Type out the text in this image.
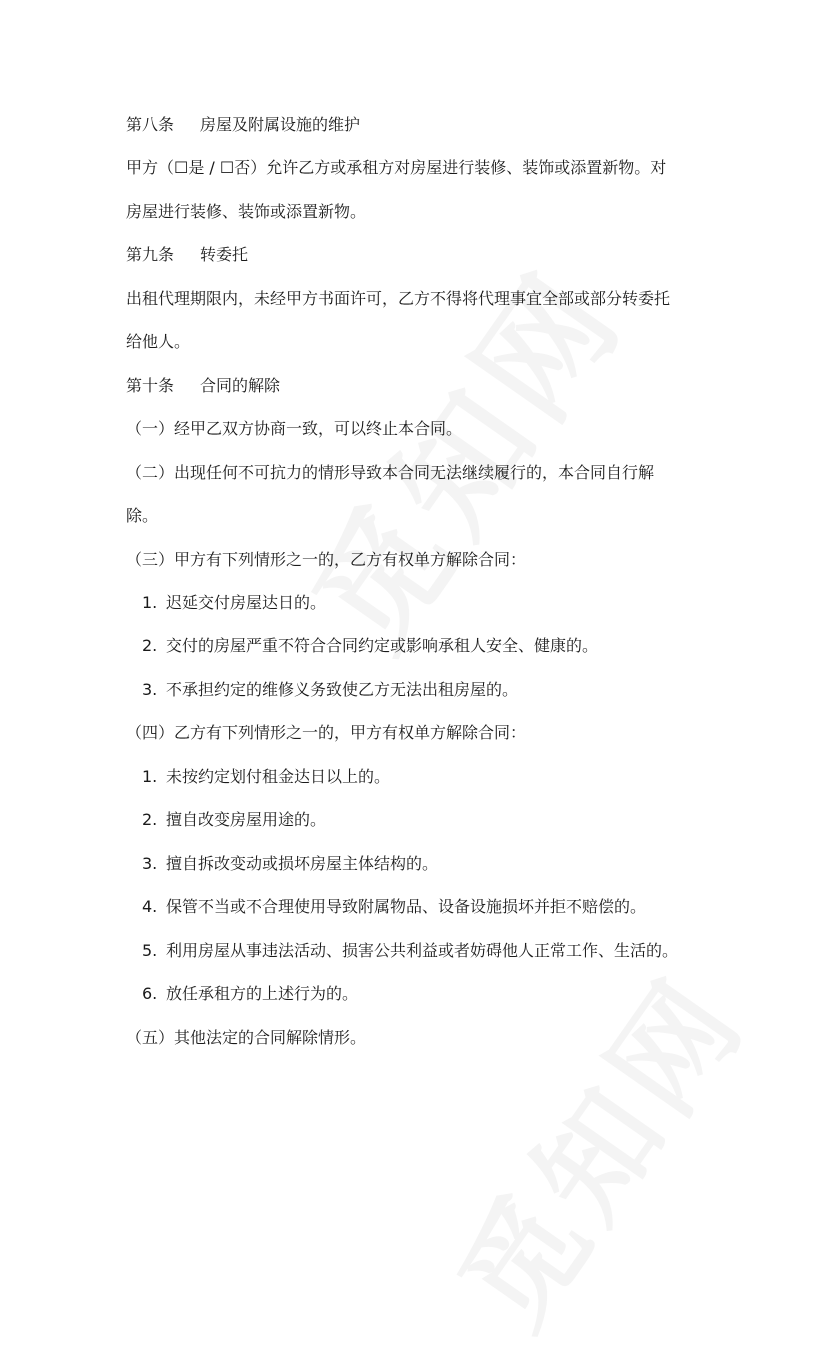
第八条 房屋及附属设施的维护
甲方（☐是 / ☐否）允许乙方或承租方对房屋进行装修、装饰或添置新物。对
房屋进行装修、装饰或添置新物。
第九条 转委托
出租代理期限内，未经甲方书面许可，乙方不得将代理事宜全部或部分转委托
给他人。
第十条 合同的解除
（一）经甲乙双方协商一致，可以终止本合同。
（二）出现任何不可抗力的情形导致本合同无法继续履行的，本合同自行解
除。
（三）甲方有下列情形之一的，乙方有权单方解除合同：
1. 迟延交付房屋达日的。
2. 交付的房屋严重不符合合同约定或影响承租人安全、健康的。
3. 不承担约定的维修义务致使乙方无法出租房屋的。
（四）乙方有下列情形之一的，甲方有权单方解除合同：
1. 未按约定划付租金达日以上的。
2. 擅自改变房屋用途的。
3. 擅自拆改变动或损坏房屋主体结构的。
4. 保管不当或不合理使用导致附属物品、设备设施损坏并拒不赔偿的。
5. 利用房屋从事违法活动、损害公共利益或者妨碍他人正常工作、生活的。
6. 放任承租方的上述行为的。
（五）其他法定的合同解除情形。
